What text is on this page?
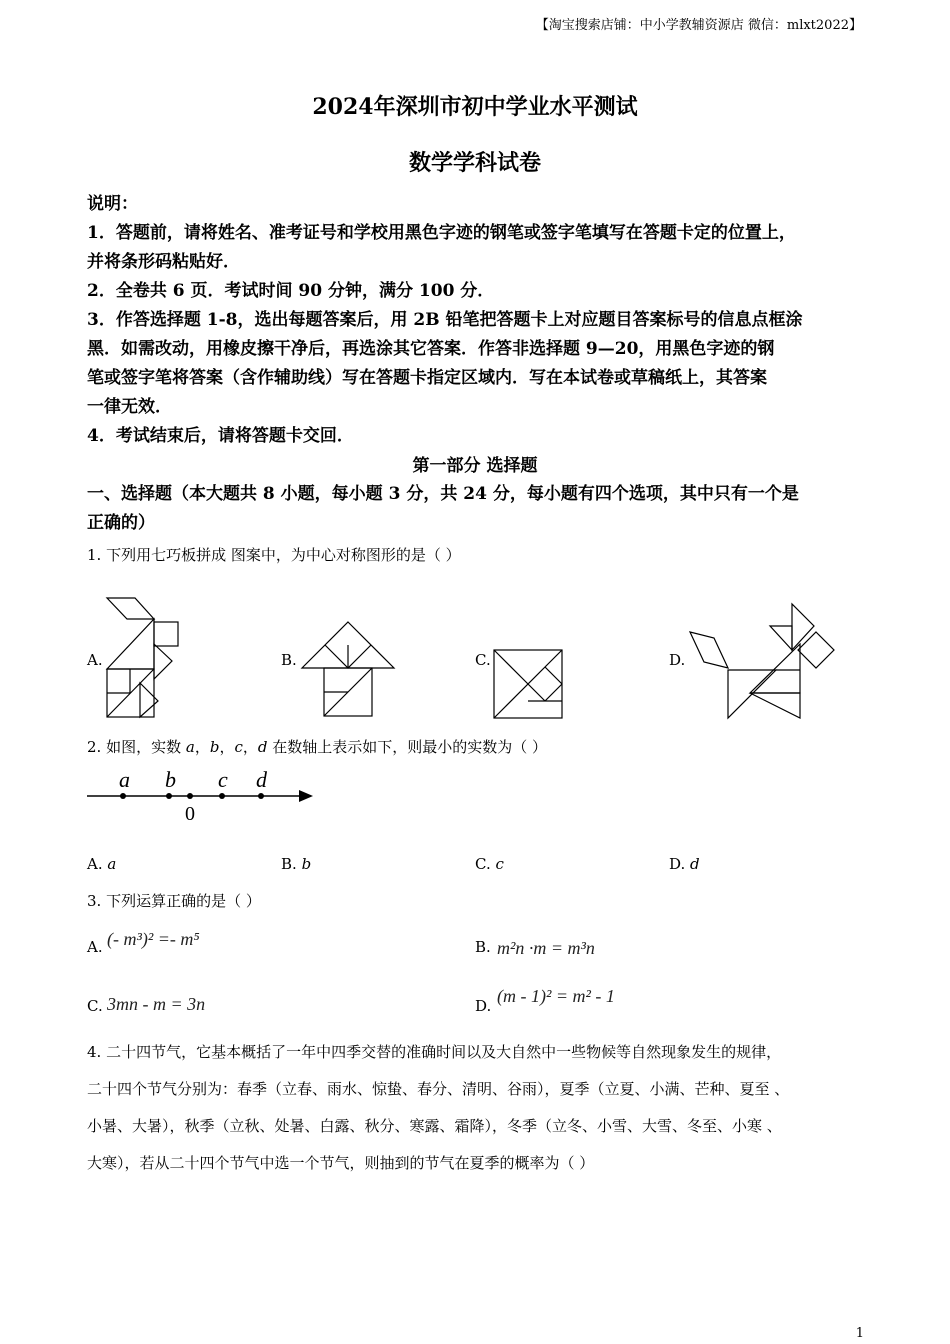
【淘宝搜索店铺：中小学教辅资源店 微信：mlxt2022】
2024年深圳市初中学业水平测试
数学学科试卷
说明：
1．答题前，请将姓名、准考证号和学校用黑色字迹的钢笔或签字笔填写在答题卡定的位置上，
并将条形码粘贴好．
2．全卷共 6 页．考试时间 90 分钟，满分 100 分．
3．作答选择题 1-8，选出每题答案后，用 2B 铅笔把答题卡上对应题目答案标号的信息点框涂
黑．如需改动，用橡皮擦干净后，再选涂其它答案．作答非选择题 9—20，用黑色字迹的钢
笔或签字笔将答案（含作辅助线）写在答题卡指定区域内．写在本试卷或草稿纸上，其答案
一律无效．
4．考试结束后，请将答题卡交回．
第一部分 选择题
一、选择题（本大题共 8 小题，每小题 3 分，共 24 分，每小题有四个选项，其中只有一个是
正确的）
1. 下列用七巧板拼成 图案中，为中心对称图形的是（ ）
A.	B.	C.	D.
2. 如图，实数 a，b，c，d 在数轴上表示如下，则最小的实数为（ ）
a b c d
0
A. a	B. b	C. c	D. d
3. 下列运算正确的是（ ）
A. (- m³)² =- m⁵	B. m²n ·m = m³n
C. 3mn - m = 3n	D. (m - 1)² = m² - 1
4. 二十四节气，它基本概括了一年中四季交替的准确时间以及大自然中一些物候等自然现象发生的规律，
二十四个节气分别为：春季（立春、雨水、惊蛰、春分、清明、谷雨），夏季（立夏、小满、芒种、夏至 、
小暑、大暑），秋季（立秋、处暑、白露、秋分、寒露、霜降），冬季（立冬、小雪、大雪、冬至、小寒 、
大寒），若从二十四个节气中选一个节气，则抽到的节气在夏季的概率为（ ）
1
